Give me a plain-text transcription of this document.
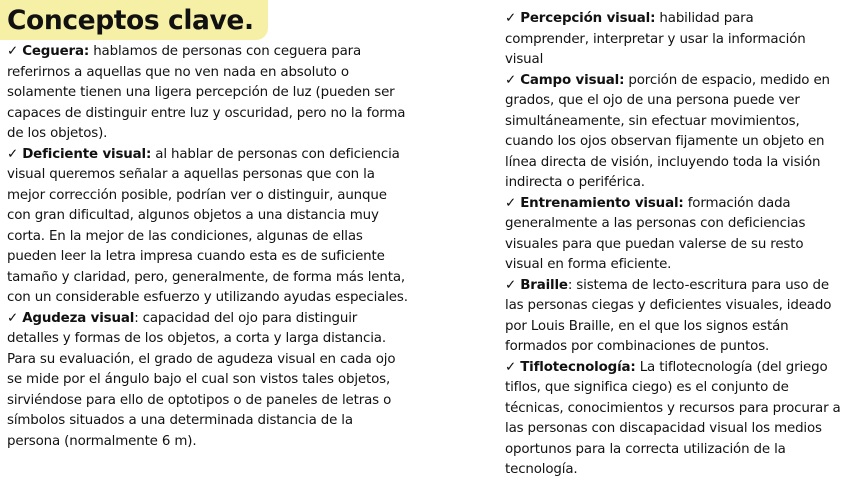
Conceptos clave.

✓ Ceguera: hablamos de personas con ceguera para referirnos a aquellas que no ven nada en absoluto o solamente tienen una ligera percepción de luz (pueden ser capaces de distinguir entre luz y oscuridad, pero no la forma de los objetos).

✓ Deficiente visual: al hablar de personas con deficiencia visual queremos señalar a aquellas personas que con la mejor corrección posible, podrían ver o distinguir, aunque con gran dificultad, algunos objetos a una distancia muy corta. En la mejor de las condiciones, algunas de ellas pueden leer la letra impresa cuando esta es de suficiente tamaño y claridad, pero, generalmente, de forma más lenta, con un considerable esfuerzo y utilizando ayudas especiales.

✓ Agudeza visual: capacidad del ojo para distinguir detalles y formas de los objetos, a corta y larga distancia. Para su evaluación, el grado de agudeza visual en cada ojo se mide por el ángulo bajo el cual son vistos tales objetos, sirviéndose para ello de optotipos o de paneles de letras o símbolos situados a una determinada distancia de la persona (normalmente 6 m).

✓ Percepción visual: habilidad para comprender, interpretar y usar la información visual

✓ Campo visual: porción de espacio, medido en grados, que el ojo de una persona puede ver simultáneamente, sin efectuar movimientos, cuando los ojos observan fijamente un objeto en línea directa de visión, incluyendo toda la visión indirecta o periférica.

✓ Entrenamiento visual: formación dada generalmente a las personas con deficiencias visuales para que puedan valerse de su resto visual en forma eficiente.

✓ Braille: sistema de lecto-escritura para uso de las personas ciegas y deficientes visuales, ideado por Louis Braille, en el que los signos están formados por combinaciones de puntos.

✓ Tiflotecnología: La tiflotecnología (del griego tiflos, que significa ciego) es el conjunto de técnicas, conocimientos y recursos para procurar a las personas con discapacidad visual los medios oportunos para la correcta utilización de la tecnología.
